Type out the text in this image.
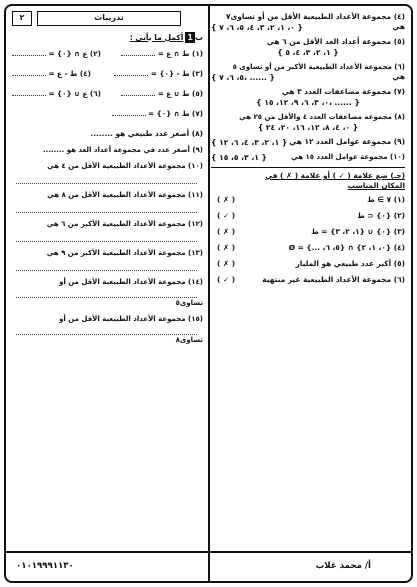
(٤) مجموعة الأعداد الطبيعية الأقل من أو تساوى٧
هي
{ ٠، ١، ٢، ٣، ٤، ٥، ٦، ٧ }
(٥) مجموعة أعداد العد الأقل من ٦ هي
{ ١، ٢، ٣، ٤، ٥ }
(٦) مجموعة الأعداد الطبيعية الأكبر من أو تساوى ٥
هي
{ ٥، ٦، ٧، ...... }
(٧) مجموعة مضاعفات العدد ٣ هي
{ ٠، ٣، ٦، ٩، ١٢، ١٥، ...... }
(٨) مجموعة مضاعفات العدد ٤ والأقل من ٢٥ هي
{ ٠، ٤، ٨، ١٢، ١٦، ٢٠، ٢٤ }
(٩) مجموعة عوامل العدد ١٢ هي
{ ١، ٢، ٣، ٤، ٦، ١٢ }
(١٠) مجموعة عوامل العدد ١٥ هي
{ ١، ٣، ٥، ١٥ }
(جـ) ضع علامة ( ✓ ) أو علامة ( ✗ ) في
المكان المناسب
(١) ٧ ∋ ط
( ✗ )
(٢) {٠} ⊂ ط
( ✓ )
(٣) {٠} ∪ {١، ٢، ٣} = ط
( ✗ )
(٤) {٠، ١، ٢} ∩ {٥، ٦، ...} = Ø
( ✗ )
(٥) أكبر عدد طبيعي هو المليار
( ✗ )
(٦) مجموعة الأعداد الطبيعية غير منتهية
( ✓ )
تدريبات
٢
ب
1
أكمل ما يأتي :
(١) ط ∩ ع =
(٢) ع ∩ {٠} =
(٣) ط - {٠} =
(٤) ط - ع =
(٥) ط ∪ ع =
(٦) ع ∪ {٠} =
(٧) ط ∩ {٠} =
(٨) أصغر عدد طبيعي هو ........
(٩) أصغر عدد في مجموعة أعداد العد هو ........
(١٠) مجموعة الأعداد الطبيعية الأقل من ٤ هي
(١١) مجموعة الأعداد الطبيعية الأقل من ٨ هي
(١٢) مجموعة الأعداد الطبيعية الأكبر من ٦ هي
(١٣) مجموعة الأعداد الطبيعية الأكبر من ٩ هي
(١٤) مجموعة الأعداد الطبيعية الأقل من أو
تساوى٥
(١٥) مجموعة الأعداد الطبيعية الأقل من أو
تساوى٨
٠١٠١٩٩٩١١٣٠	أ/ محمد غلاب
